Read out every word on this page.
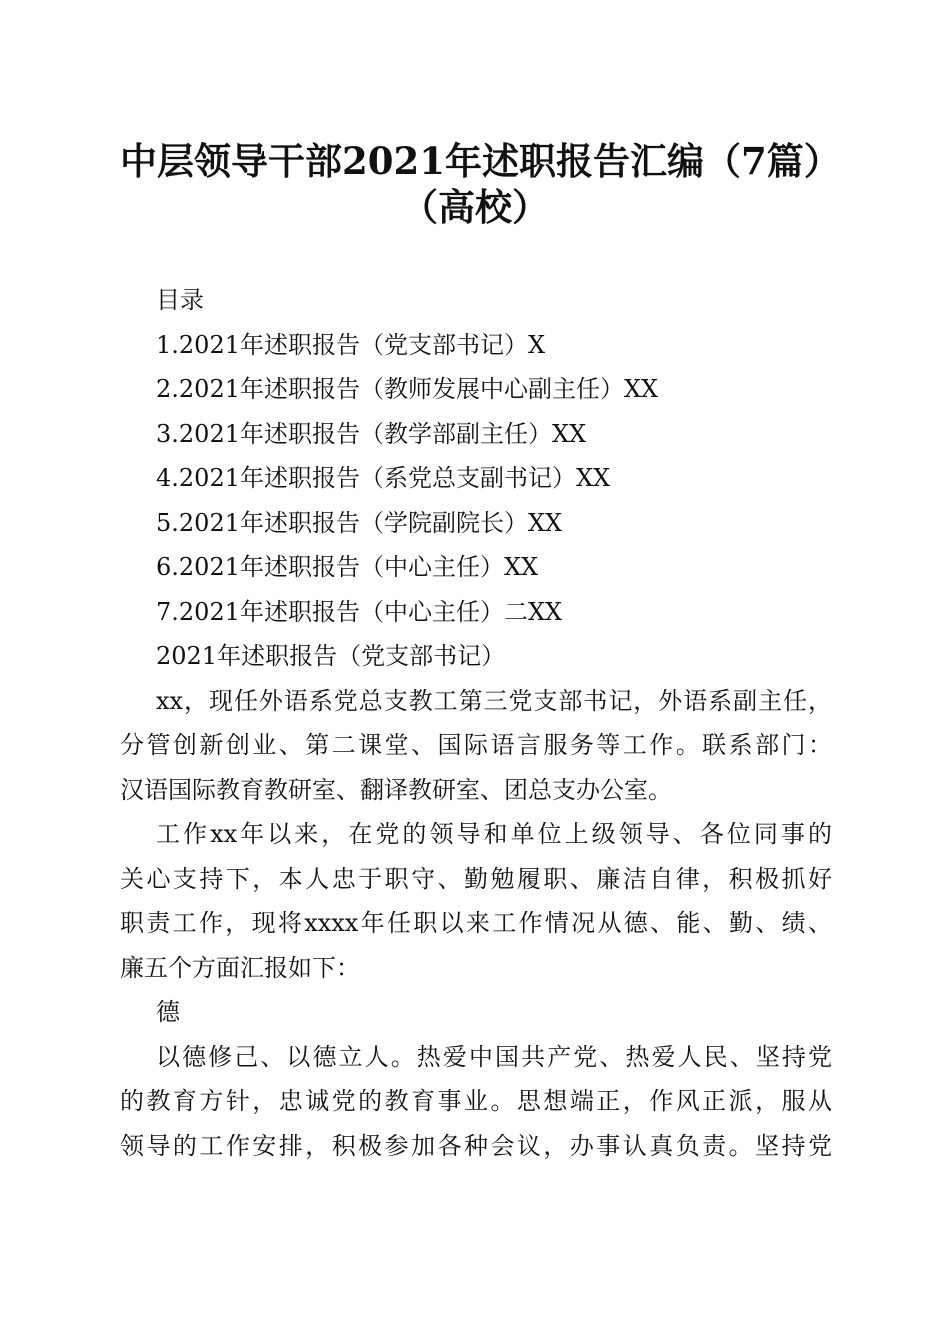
中层领导干部2021年述职报告汇编（7篇）
（高校）
目录
1.2021年述职报告（党支部书记）X
2.2021年述职报告（教师发展中心副主任）XX
3.2021年述职报告（教学部副主任）XX
4.2021年述职报告（系党总支副书记）XX
5.2021年述职报告（学院副院长）XX
6.2021年述职报告（中心主任）XX
7.2021年述职报告（中心主任）二XX
2021年述职报告（党支部书记）
xx，现任外语系党总支教工第三党支部书记，外语系副主任，
分管创新创业、第二课堂、国际语言服务等工作。联系部门：
汉语国际教育教研室、翻译教研室、团总支办公室。
工作xx年以来，在党的领导和单位上级领导、各位同事的
关心支持下，本人忠于职守、勤勉履职、廉洁自律，积极抓好
职责工作，现将xxxx年任职以来工作情况从德、能、勤、绩、
廉五个方面汇报如下：
德
以德修己、以德立人。热爱中国共产党、热爱人民、坚持党
的教育方针，忠诚党的教育事业。思想端正，作风正派，服从
领导的工作安排，积极参加各种会议，办事认真负责。坚持党
